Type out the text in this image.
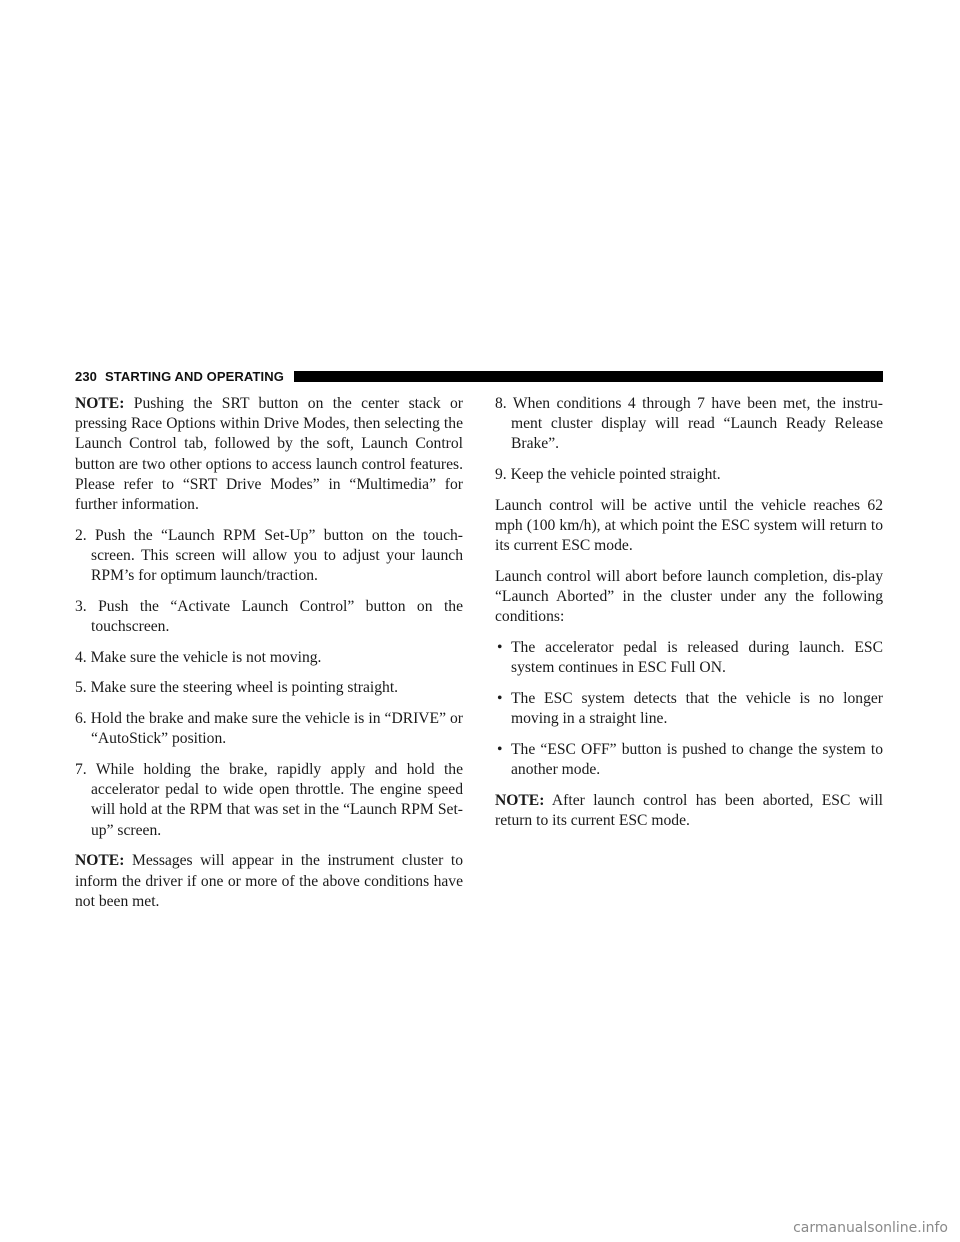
230 STARTING AND OPERATING

NOTE: Pushing the SRT button on the center stack or pressing Race Options within Drive Modes, then selecting the Launch Control tab, followed by the soft, Launch Control button are two other options to access launch control features. Please refer to “SRT Drive Modes” in “Multimedia” for further information.

2. Push the “Launch RPM Set-Up” button on the touch-screen. This screen will allow you to adjust your launch RPM’s for optimum launch/traction.
3. Push the “Activate Launch Control” button on the touchscreen.
4. Make sure the vehicle is not moving.
5. Make sure the steering wheel is pointing straight.
6. Hold the brake and make sure the vehicle is in “DRIVE” or “AutoStick” position.
7. While holding the brake, rapidly apply and hold the accelerator pedal to wide open throttle. The engine speed will hold at the RPM that was set in the “Launch RPM Set-up” screen.

NOTE: Messages will appear in the instrument cluster to inform the driver if one or more of the above conditions have not been met.

8. When conditions 4 through 7 have been met, the instru-ment cluster display will read “Launch Ready Release Brake”.
9. Keep the vehicle pointed straight.

Launch control will be active until the vehicle reaches 62 mph (100 km/h), at which point the ESC system will return to its current ESC mode.

Launch control will abort before launch completion, dis-play “Launch Aborted” in the cluster under any the following conditions:

• The accelerator pedal is released during launch. ESC system continues in ESC Full ON.
• The ESC system detects that the vehicle is no longer moving in a straight line.
• The “ESC OFF” button is pushed to change the system to another mode.

NOTE: After launch control has been aborted, ESC will return to its current ESC mode.

carmanualsonline.info
